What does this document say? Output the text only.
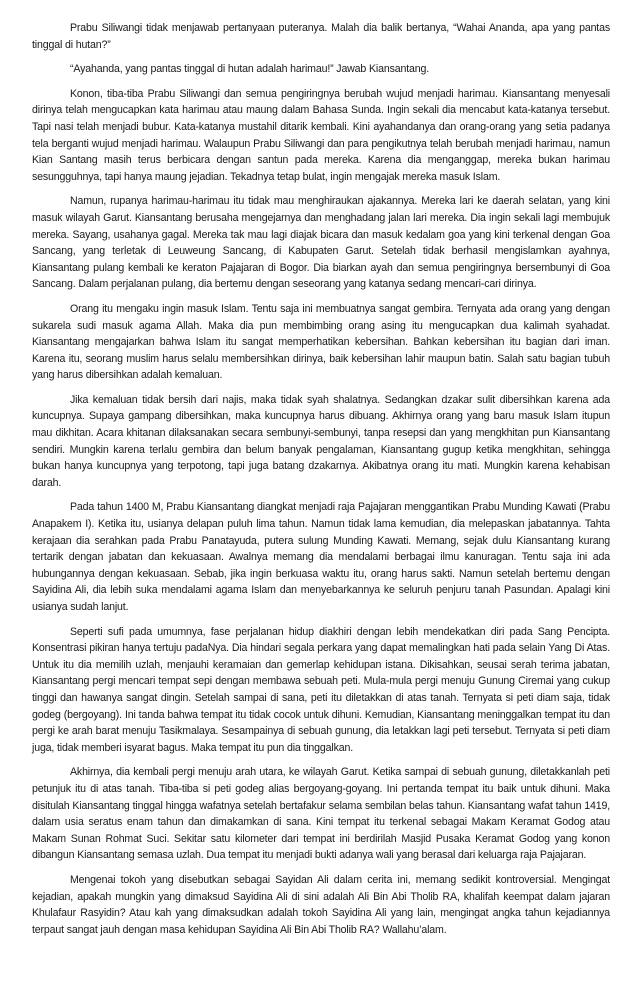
Prabu Siliwangi tidak menjawab pertanyaan puteranya. Malah dia balik bertanya, “Wahai Ananda, apa yang pantas tinggal di hutan?”

“Ayahanda, yang pantas tinggal di hutan adalah harimau!” Jawab Kiansantang.

Konon, tiba-tiba Prabu Siliwangi dan semua pengiringnya berubah wujud menjadi harimau. Kiansantang menyesali dirinya telah mengucapkan kata harimau atau maung dalam Bahasa Sunda. Ingin sekali dia mencabut kata-katanya tersebut. Tapi nasi telah menjadi bubur. Kata-katanya mustahil ditarik kembali. Kini ayahandanya dan orang-orang yang setia padanya tela berganti wujud menjadi harimau. Walaupun Prabu Siliwangi dan para pengikutnya telah berubah menjadi harimau, namun Kian Santang masih terus berbicara dengan santun pada mereka. Karena dia menganggap, mereka bukan harimau sesungguhnya, tapi hanya maung jejadian. Tekadnya tetap bulat, ingin mengajak mereka masuk Islam.

Namun, rupanya harimau-harimau itu tidak mau menghiraukan ajakannya. Mereka lari ke daerah selatan, yang kini masuk wilayah Garut. Kiansantang berusaha mengejarnya dan menghadang jalan lari mereka. Dia ingin sekali lagi membujuk mereka. Sayang, usahanya gagal. Mereka tak mau lagi diajak bicara dan masuk kedalam goa yang kini terkenal dengan Goa Sancang, yang terletak di Leuweung Sancang, di Kabupaten Garut. Setelah tidak berhasil mengislamkan ayahnya, Kiansantang pulang kembali ke keraton Pajajaran di Bogor. Dia biarkan ayah dan semua pengiringnya bersembunyi di Goa Sancang. Dalam perjalanan pulang, dia bertemu dengan seseorang yang katanya sedang mencari-cari dirinya.

Orang itu mengaku ingin masuk Islam. Tentu saja ini membuatnya sangat gembira. Ternyata ada orang yang dengan sukarela sudi masuk agama Allah. Maka dia pun membimbing orang asing itu mengucapkan dua kalimah syahadat. Kiansantang mengajarkan bahwa Islam itu sangat memperhatikan kebersihan. Bahkan kebersihan itu bagian dari iman. Karena itu, seorang muslim harus selalu membersihkan dirinya, baik kebersihan lahir maupun batin. Salah satu bagian tubuh yang harus dibersihkan adalah kemaluan.

Jika kemaluan tidak bersih dari najis, maka tidak syah shalatnya. Sedangkan dzakar sulit dibersihkan karena ada kuncupnya. Supaya gampang dibersihkan, maka kuncupnya harus dibuang. Akhirnya orang yang baru masuk Islam itupun mau dikhitan. Acara khitanan dilaksanakan secara sembunyi-sembunyi, tanpa resepsi dan yang mengkhitan pun Kiansantang sendiri. Mungkin karena terlalu gembira dan belum banyak pengalaman, Kiansantang gugup ketika mengkhitan, sehingga bukan hanya kuncupnya yang terpotong, tapi juga batang dzakarnya. Akibatnya orang itu mati. Mungkin karena kehabisan darah.

Pada tahun 1400 M, Prabu Kiansantang diangkat menjadi raja Pajajaran menggantikan Prabu Munding Kawati (Prabu Anapakem I). Ketika itu, usianya delapan puluh lima tahun. Namun tidak lama kemudian, dia melepaskan jabatannya. Tahta kerajaan dia serahkan pada Prabu Panatayuda, putera sulung Munding Kawati. Memang, sejak dulu Kiansantang kurang tertarik dengan jabatan dan kekuasaan. Awalnya memang dia mendalami berbagai ilmu kanuragan. Tentu saja ini ada hubungannya dengan kekuasaan. Sebab, jika ingin berkuasa waktu itu, orang harus sakti. Namun setelah bertemu dengan Sayidina Ali, dia lebih suka mendalami agama Islam dan menyebarkannya ke seluruh penjuru tanah Pasundan. Apalagi kini usianya sudah lanjut.

Seperti sufi pada umumnya, fase perjalanan hidup diakhiri dengan lebih mendekatkan diri pada Sang Pencipta. Konsentrasi pikiran hanya tertuju padaNya. Dia hindari segala perkara yang dapat memalingkan hati pada selain Yang Di Atas. Untuk itu dia memilih uzlah, menjauhi keramaian dan gemerlap kehidupan istana. Dikisahkan, seusai serah terima jabatan, Kiansantang pergi mencari tempat sepi dengan membawa sebuah peti. Mula-mula pergi menuju Gunung Ciremai yang cukup tinggi dan hawanya sangat dingin. Setelah sampai di sana, peti itu diletakkan di atas tanah. Ternyata si peti diam saja, tidak godeg (bergoyang). Ini tanda bahwa tempat itu tidak cocok untuk dihuni. Kemudian, Kiansantang meninggalkan tempat itu dan pergi ke arah barat menuju Tasikmalaya. Sesampainya di sebuah gunung, dia letakkan lagi peti tersebut. Ternyata si peti diam juga, tidak memberi isyarat bagus. Maka tempat itu pun dia tinggalkan.

Akhirnya, dia kembali pergi menuju arah utara, ke wilayah Garut. Ketika sampai di sebuah gunung, diletakkanlah peti petunjuk itu di atas tanah. Tiba-tiba si peti godeg alias bergoyang-goyang. Ini pertanda tempat itu baik untuk dihuni. Maka disitulah Kiansantang tinggal hingga wafatnya setelah bertafakur selama sembilan belas tahun. Kiansantang wafat tahun 1419, dalam usia seratus enam tahun dan dimakamkan di sana. Kini tempat itu terkenal sebagai Makam Keramat Godog atau Makam Sunan Rohmat Suci. Sekitar satu kilometer dari tempat ini berdirilah Masjid Pusaka Keramat Godog yang konon dibangun Kiansantang semasa uzlah. Dua tempat itu menjadi bukti adanya wali yang berasal dari keluarga raja Pajajaran.

Mengenai tokoh yang disebutkan sebagai Sayidan Ali dalam cerita ini, memang sedikit kontroversial. Mengingat kejadian, apakah mungkin yang dimaksud Sayidina Ali di sini adalah Ali Bin Abi Tholib RA, khalifah keempat dalam jajaran Khulafaur Rasyidin? Atau kah yang dimaksudkan adalah tokoh Sayidina Ali yang lain, mengingat angka tahun kejadiannya terpaut sangat jauh dengan masa kehidupan Sayidina Ali Bin Abi Tholib RA? Wallahu’alam.
